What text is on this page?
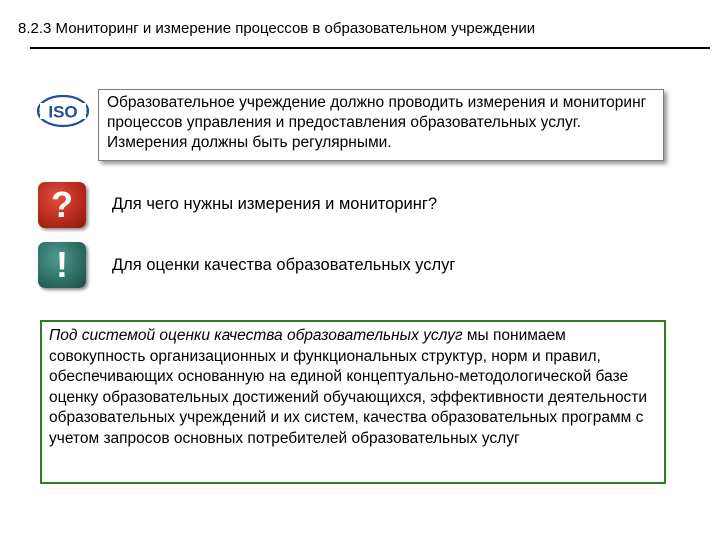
8.2.3 Мониторинг и измерение процессов в образовательном учреждении
ISO	Образовательное учреждение должно проводить измерения и мониторинг процессов управления и предоставления образовательных услуг. Измерения должны быть регулярными.
?	Для чего нужны измерения и мониторинг?
!	Для оценки качества образовательных услуг
Под системой оценки качества образовательных услуг мы понимаем совокупность организационных и функциональных структур, норм и правил, обеспечивающих основанную на единой концептуально-методологической базе оценку образовательных достижений обучающихся, эффективности деятельности образовательных учреждений и их систем, качества образовательных программ с учетом запросов основных потребителей образовательных услуг
